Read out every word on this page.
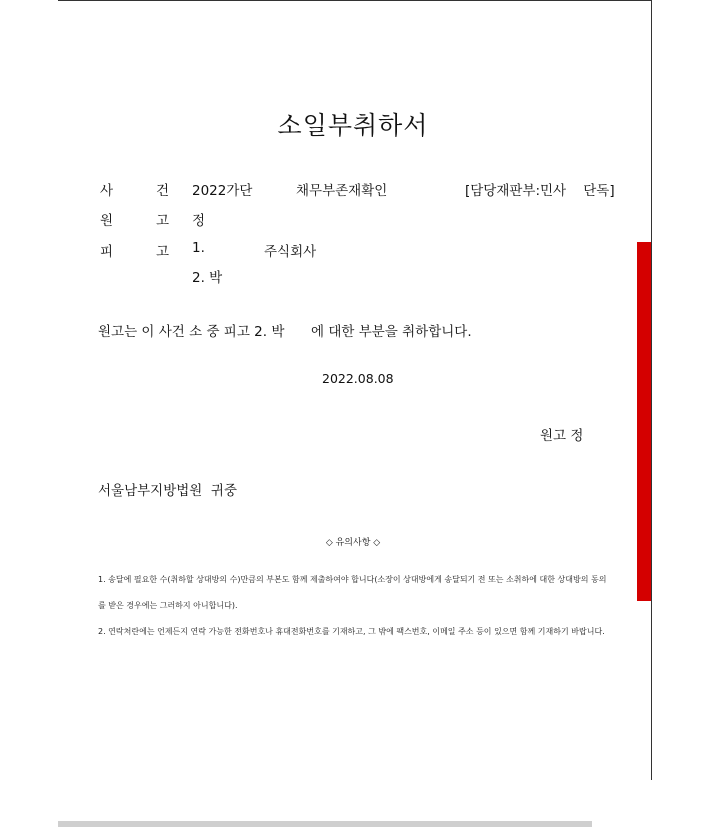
소일부취하서
사	건 2022가단	채무부존재확인	[담당재판부:민사    단독]
원	고 정
피	고 1.	주식회사
2. 박
원고는 이 사건 소 중 피고 2. 박 에 대한 부분을 취하합니다.
2022.08.08
원고 정
서울남부지방법원  귀중
◇ 유의사항 ◇
1. 송달에 필요한 수(취하할 상대방의 수)만큼의 부본도 함께 제출하여야 합니다(소장이 상대방에게 송달되기 전 또는 소취하에 대한 상대방의 동의를 받은 경우에는 그러하지 아니합니다).
2. 연락처란에는 언제든지 연락 가능한 전화번호나 휴대전화번호를 기재하고, 그 밖에 팩스번호, 이메일 주소 등이 있으면 함께 기재하기 바랍니다.
